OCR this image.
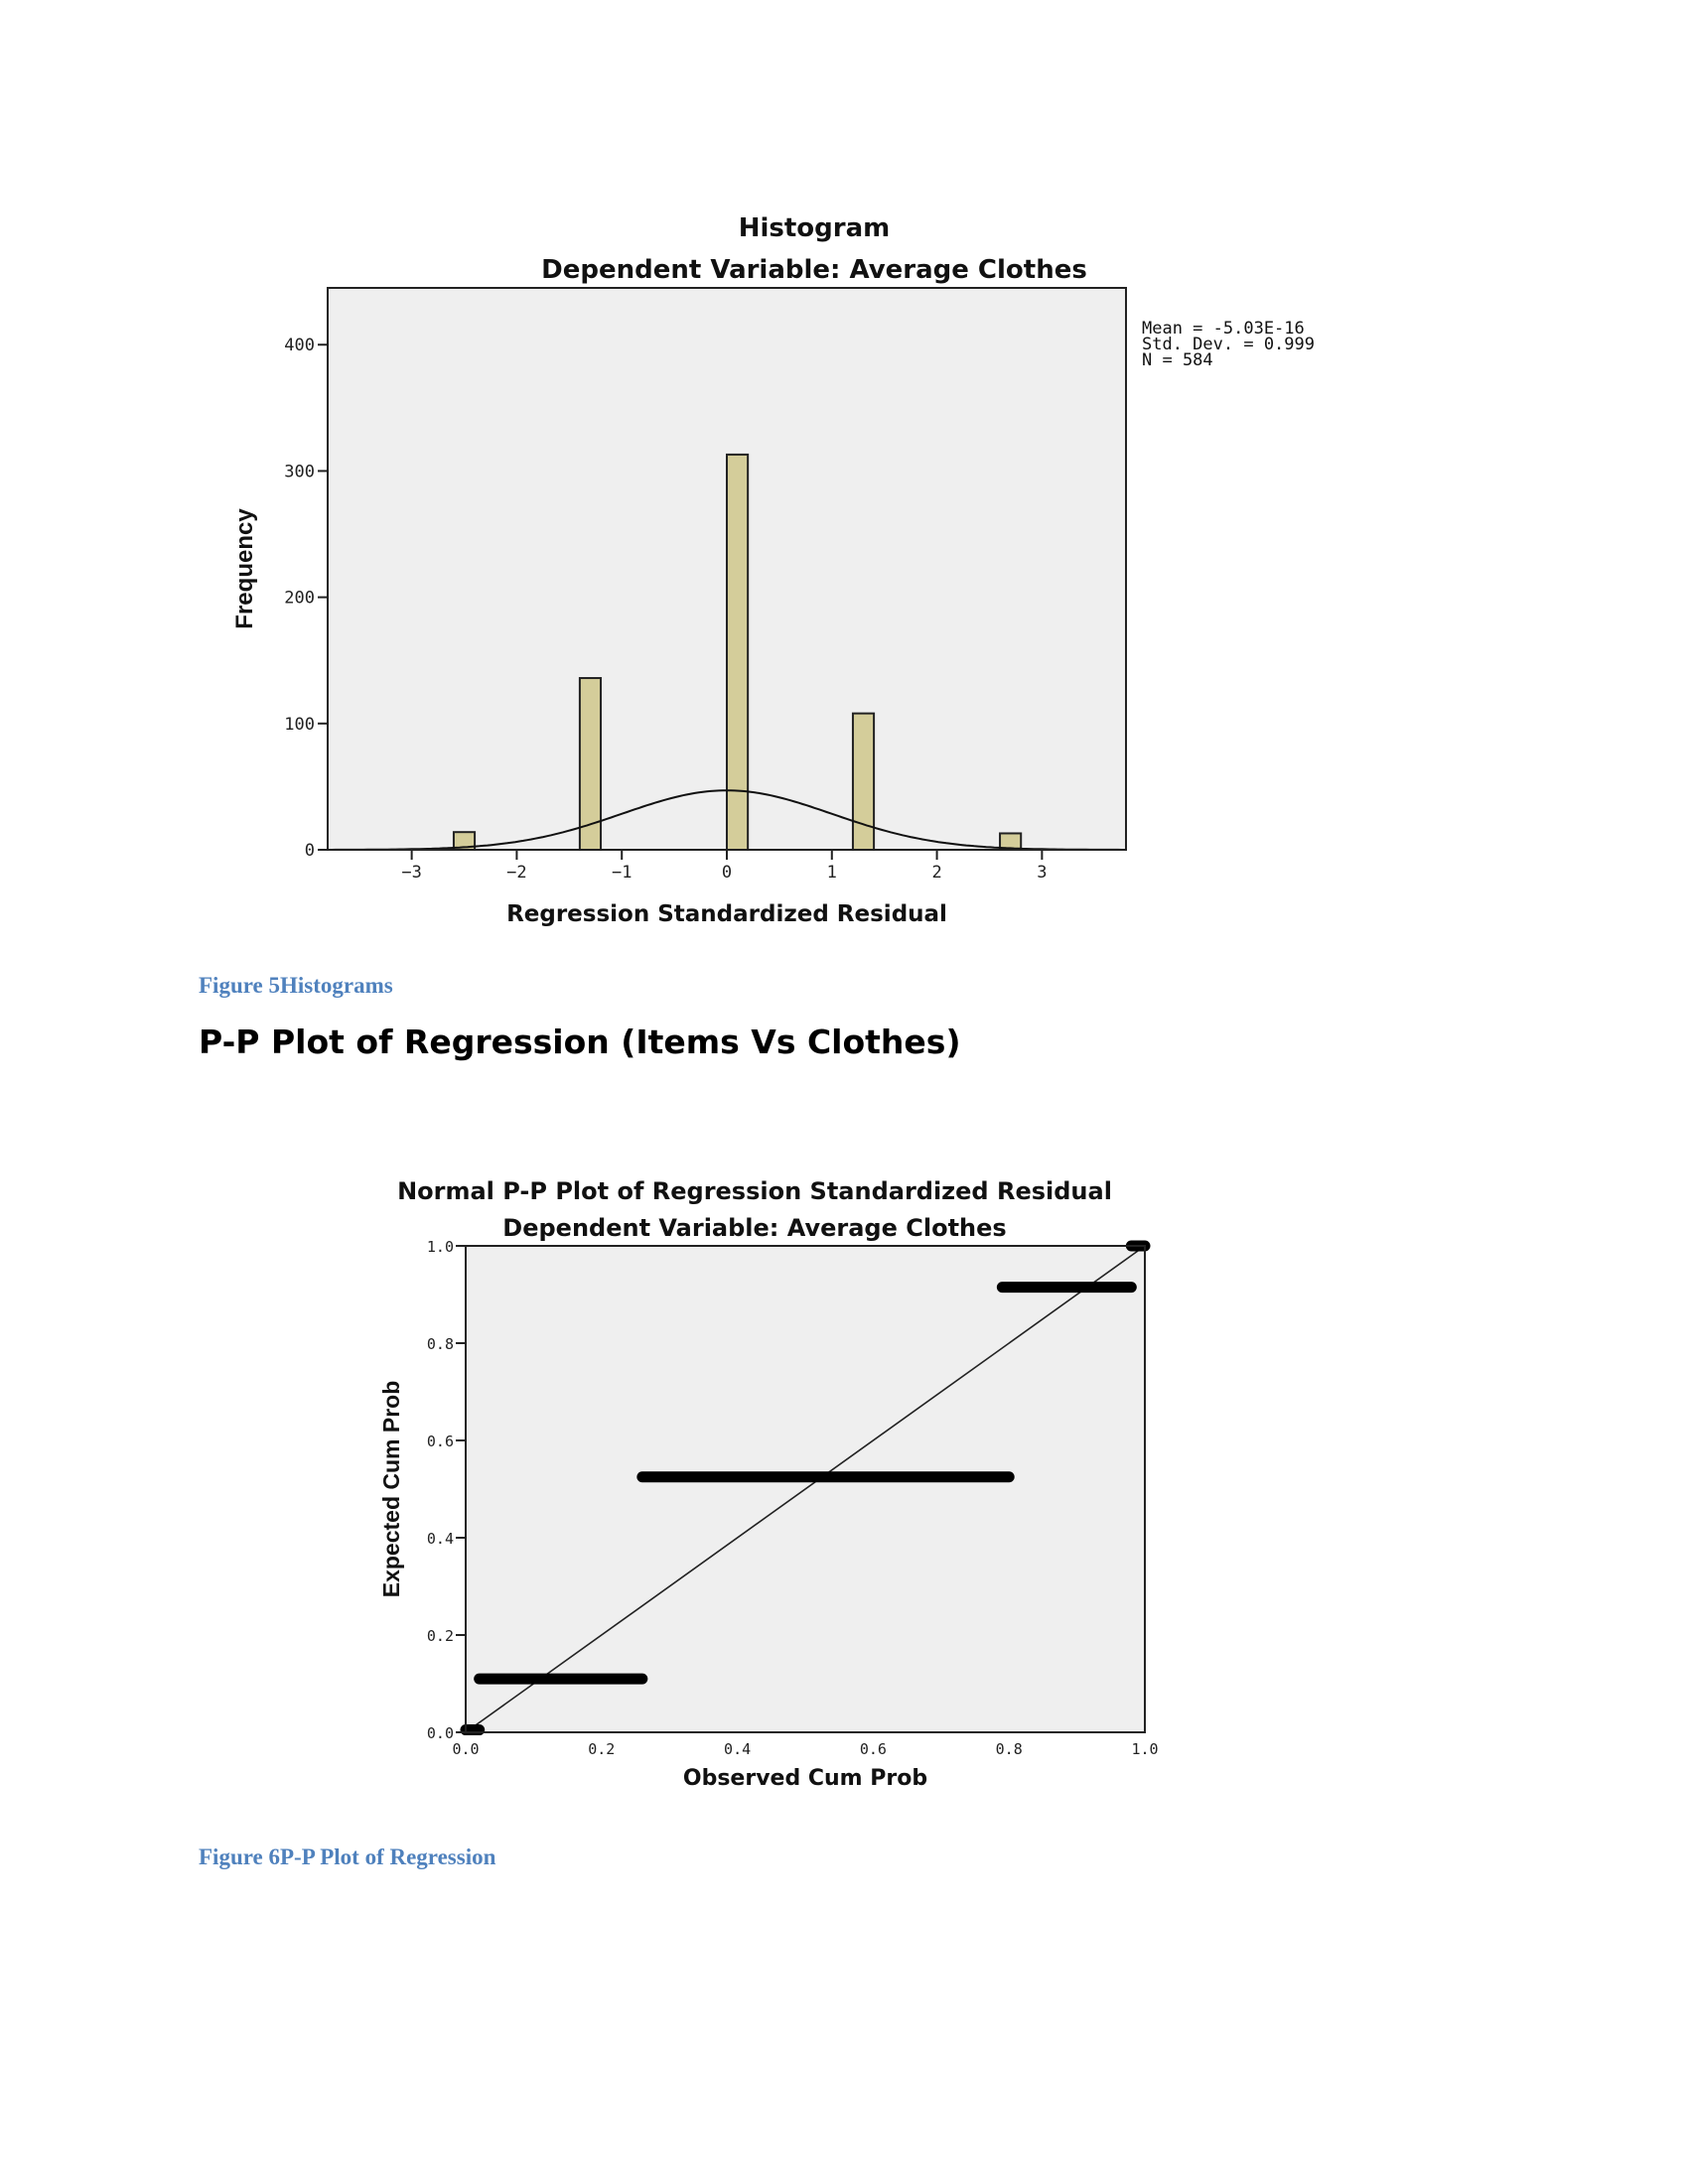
Histogram
Dependent Variable: Average Clothes
0
100
200
300
400
−3	−2	−1	0	1	2	3
Regression Standardized Residual
Frequency
Mean = -5.03E-16
Std. Dev. = 0.999
N = 584
Figure 5Histograms
P-P Plot of Regression (Items Vs Clothes)
Normal P-P Plot of Regression Standardized Residual
Dependent Variable: Average Clothes
0.0
0.2
0.4
0.6
0.8
1.0
0.0	0.2	0.4	0.6	0.8	1.0
Observed Cum Prob
Expected Cum Prob
Figure 6P-P Plot of Regression
